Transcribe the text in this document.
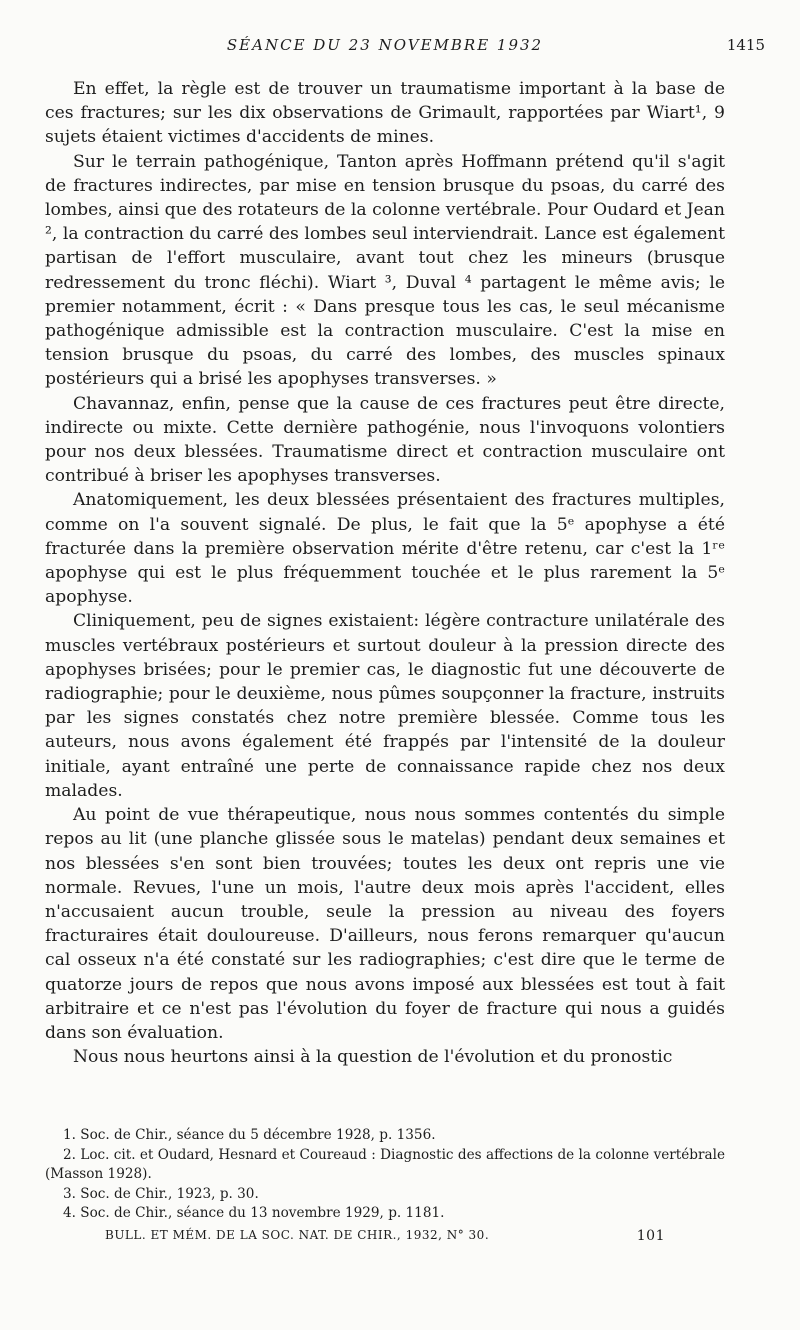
SÉANCE DU 23 NOVEMBRE 1932	1415

En effet, la règle est de trouver un traumatisme important à la base de ces fractures; sur les dix observations de Grimault, rapportées par Wiart¹, 9 sujets étaient victimes d'accidents de mines.

Sur le terrain pathogénique, Tanton après Hoffmann prétend qu'il s'agit de fractures indirectes, par mise en tension brusque du psoas, du carré des lombes, ainsi que des rotateurs de la colonne vertébrale. Pour Oudard et Jean ², la contraction du carré des lombes seul interviendrait. Lance est également partisan de l'effort musculaire, avant tout chez les mineurs (brusque redressement du tronc fléchi). Wiart ³, Duval ⁴ partagent le même avis; le premier notamment, écrit : « Dans presque tous les cas, le seul mécanisme pathogénique admissible est la contraction musculaire. C'est la mise en tension brusque du psoas, du carré des lombes, des muscles spinaux postérieurs qui a brisé les apophyses transverses. »

Chavannaz, enfin, pense que la cause de ces fractures peut être directe, indirecte ou mixte. Cette dernière pathogénie, nous l'invoquons volontiers pour nos deux blessées. Traumatisme direct et contraction musculaire ont contribué à briser les apophyses transverses.

Anatomiquement, les deux blessées présentaient des fractures multiples, comme on l'a souvent signalé. De plus, le fait que la 5ᵉ apophyse a été fracturée dans la première observation mérite d'être retenu, car c'est la 1ʳᵉ apophyse qui est le plus fréquemment touchée et le plus rarement la 5ᵉ apophyse.

Cliniquement, peu de signes existaient: légère contracture unilatérale des muscles vertébraux postérieurs et surtout douleur à la pression directe des apophyses brisées; pour le premier cas, le diagnostic fut une découverte de radiographie; pour le deuxième, nous pûmes soupçonner la fracture, instruits par les signes constatés chez notre première blessée. Comme tous les auteurs, nous avons également été frappés par l'intensité de la douleur initiale, ayant entraîné une perte de connaissance rapide chez nos deux malades.

Au point de vue thérapeutique, nous nous sommes contentés du simple repos au lit (une planche glissée sous le matelas) pendant deux semaines et nos blessées s'en sont bien trouvées; toutes les deux ont repris une vie normale. Revues, l'une un mois, l'autre deux mois après l'accident, elles n'accusaient aucun trouble, seule la pression au niveau des foyers fracturaires était douloureuse. D'ailleurs, nous ferons remarquer qu'aucun cal osseux n'a été constaté sur les radiographies; c'est dire que le terme de quatorze jours de repos que nous avons imposé aux blessées est tout à fait arbitraire et ce n'est pas l'évolution du foyer de fracture qui nous a guidés dans son évaluation.

Nous nous heurtons ainsi à la question de l'évolution et du pronostic

1. Soc. de Chir., séance du 5 décembre 1928, p. 1356.

2. Loc. cit. et Oudard, Hesnard et Coureaud : Diagnostic des affections de la colonne vertébrale (Masson 1928).

3. Soc. de Chir., 1923, p. 30.

4. Soc. de Chir., séance du 13 novembre 1929, p. 1181.

BULL. ET MÉM. DE LA SOC. NAT. DE CHIR., 1932, N° 30.	101
